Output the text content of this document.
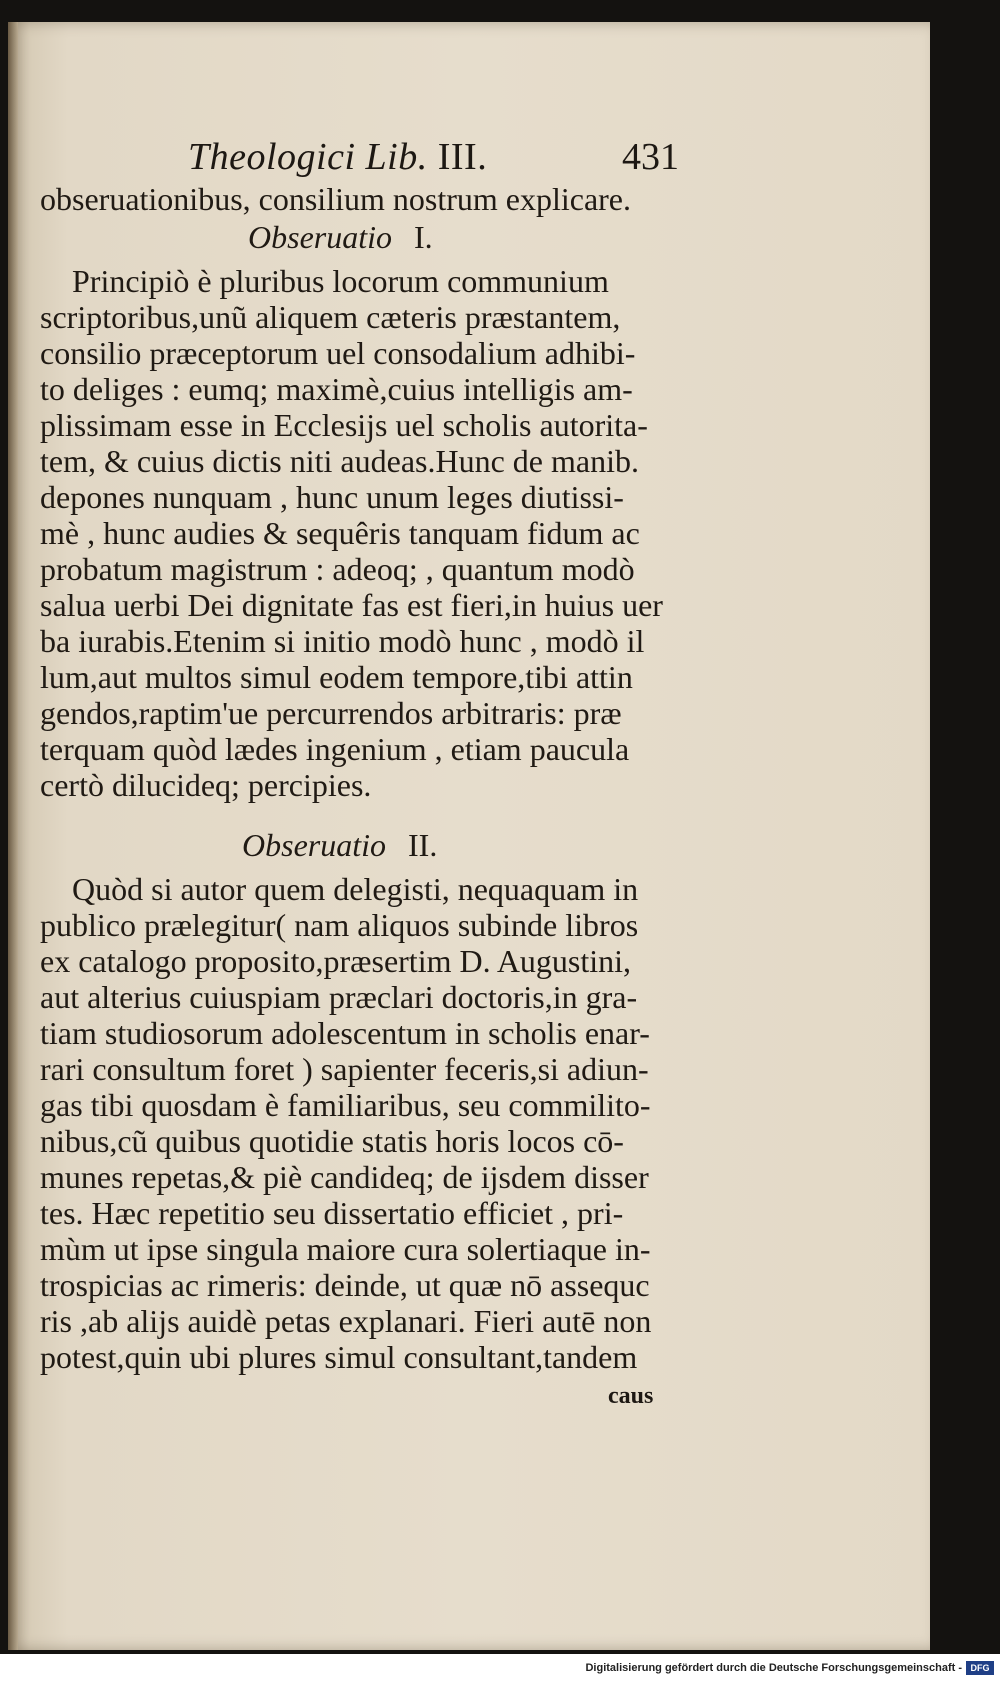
Theologici Lib. III.	431
obseruationibus, consilium nostrum explicare.
Obseruatio I.
Principiò è pluribus locorum communium
scriptoribus,unũ aliquem cæteris præstantem,
consilio præceptorum uel consodalium adhibi-
to deliges : eumq; maximè,cuius intelligis am-
plissimam esse in Ecclesijs uel scholis autorita-
tem, & cuius dictis niti audeas.Hunc de manib.
depones nunquam , hunc unum leges diutissi-
mè , hunc audies & sequêris tanquam fidum ac
probatum magistrum : adeoq; , quantum modò
salua uerbi Dei dignitate fas est fieri,in huius uer
ba iurabis.Etenim si initio modò hunc , modò il
lum,aut multos simul eodem tempore,tibi attin
gendos,raptim'ue percurrendos arbitraris: præ
terquam quòd lædes ingenium , etiam paucula
certò dilucideq; percipies.
Obseruatio II.
Quòd si autor quem delegisti, nequaquam in
publico prælegitur( nam aliquos subinde libros
ex catalogo proposito,præsertim D. Augustini,
aut alterius cuiuspiam præclari doctoris,in gra-
tiam studiosorum adolescentum in scholis enar-
rari consultum foret ) sapienter feceris,si adiun-
gas tibi quosdam è familiaribus, seu commilito-
nibus,cũ quibus quotidie statis horis locos cō-
munes repetas,& piè candideq; de ijsdem disser
tes. Hæc repetitio seu dissertatio efficiet , pri-
mùm ut ipse singula maiore cura solertiaque in-
trospicias ac rimeris: deinde, ut quæ nō assequc
ris ,ab alijs auidè petas explanari. Fieri autē non
potest,quin ubi plures simul consultant,tandem
caus
Digitalisierung gefördert durch die Deutsche Forschungsgemeinschaft - DFG
